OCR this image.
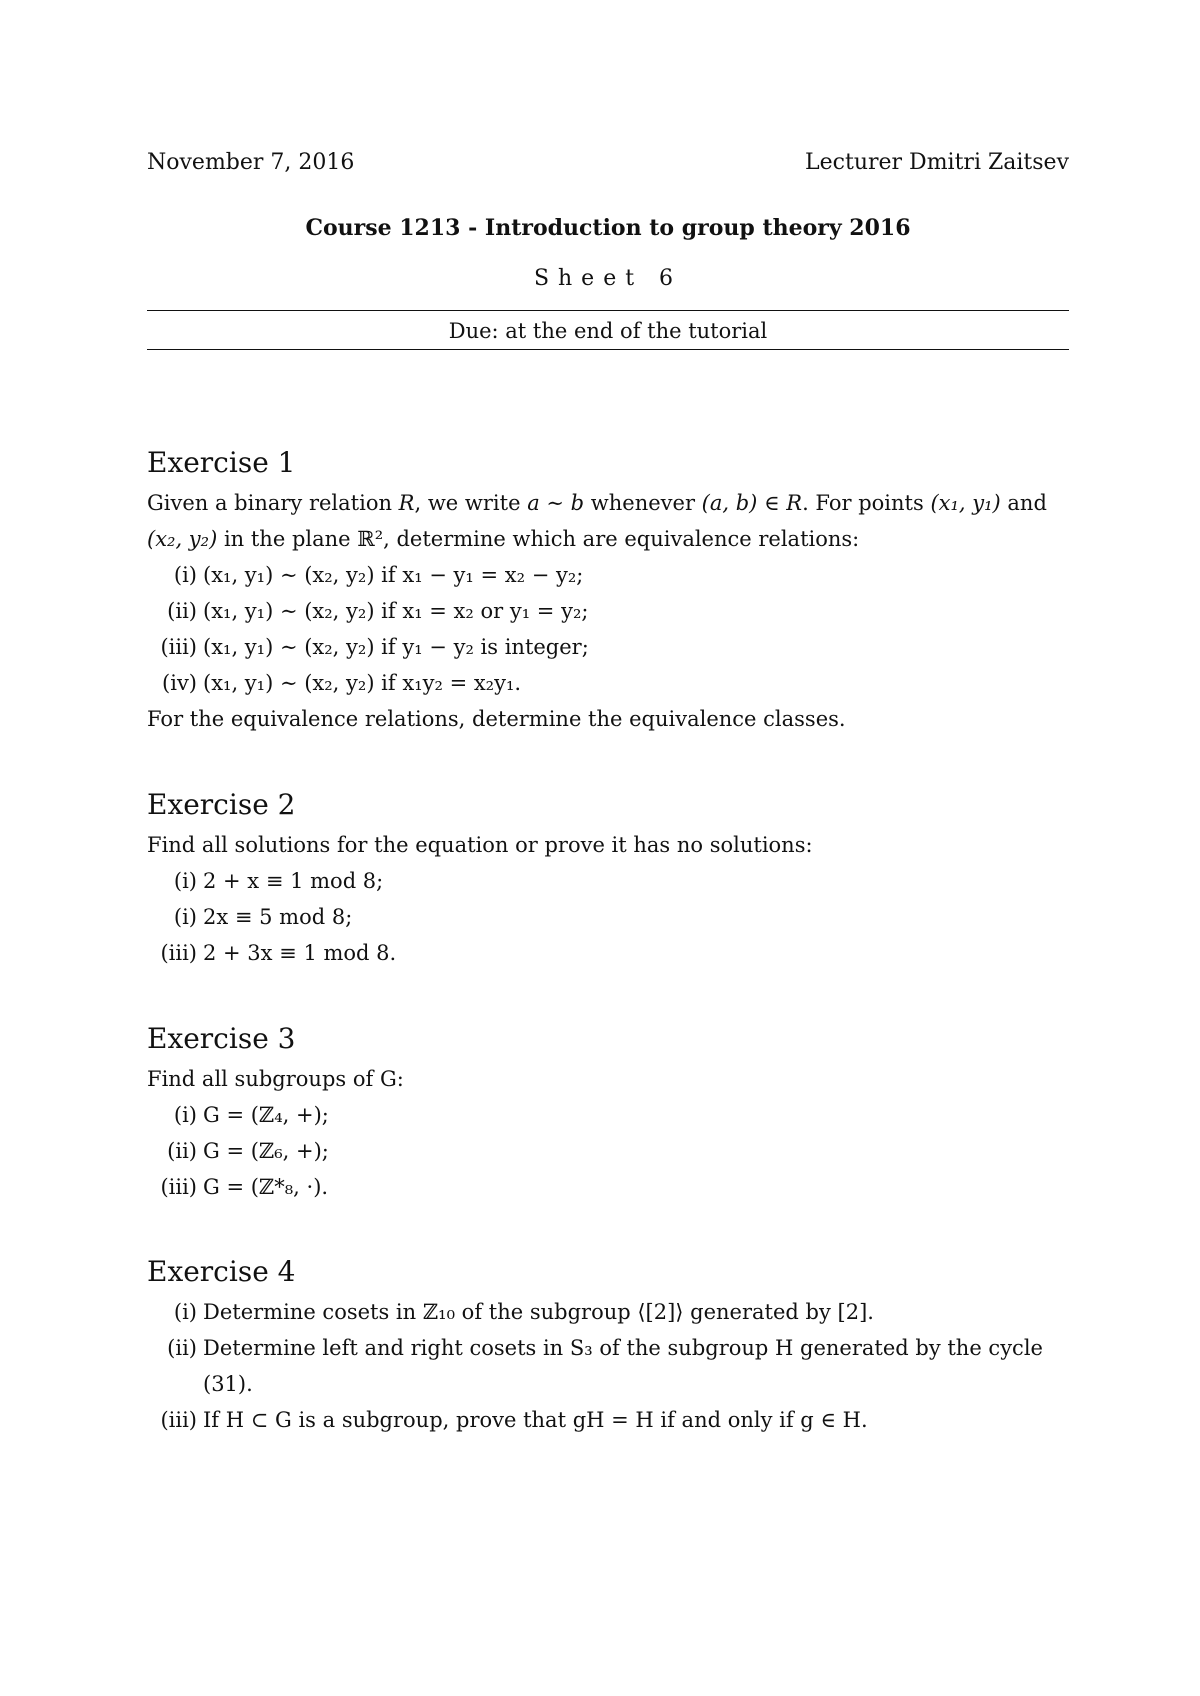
November 7, 2016	Lecturer Dmitri Zaitsev
Course 1213 - Introduction to group theory 2016
Sheet 6
Due: at the end of the tutorial
Exercise 1
Given a binary relation R, we write a ∼ b whenever (a, b) ∈ R. For points (x₁, y₁) and
(x₂, y₂) in the plane ℝ², determine which are equivalence relations:
(i) (x₁, y₁) ∼ (x₂, y₂) if x₁ − y₁ = x₂ − y₂;
(ii) (x₁, y₁) ∼ (x₂, y₂) if x₁ = x₂ or y₁ = y₂;
(iii) (x₁, y₁) ∼ (x₂, y₂) if y₁ − y₂ is integer;
(iv) (x₁, y₁) ∼ (x₂, y₂) if x₁y₂ = x₂y₁.
For the equivalence relations, determine the equivalence classes.
Exercise 2
Find all solutions for the equation or prove it has no solutions:
(i) 2 + x ≡ 1 mod 8;
(i) 2x ≡ 5 mod 8;
(iii) 2 + 3x ≡ 1 mod 8.
Exercise 3
Find all subgroups of G:
(i) G = (ℤ₄, +);
(ii) G = (ℤ₆, +);
(iii) G = (ℤ*₈, ·).
Exercise 4
(i) Determine cosets in ℤ₁₀ of the subgroup ⟨[2]⟩ generated by [2].
(ii) Determine left and right cosets in S₃ of the subgroup H generated by the cycle (31).
(iii) If H ⊂ G is a subgroup, prove that gH = H if and only if g ∈ H.
